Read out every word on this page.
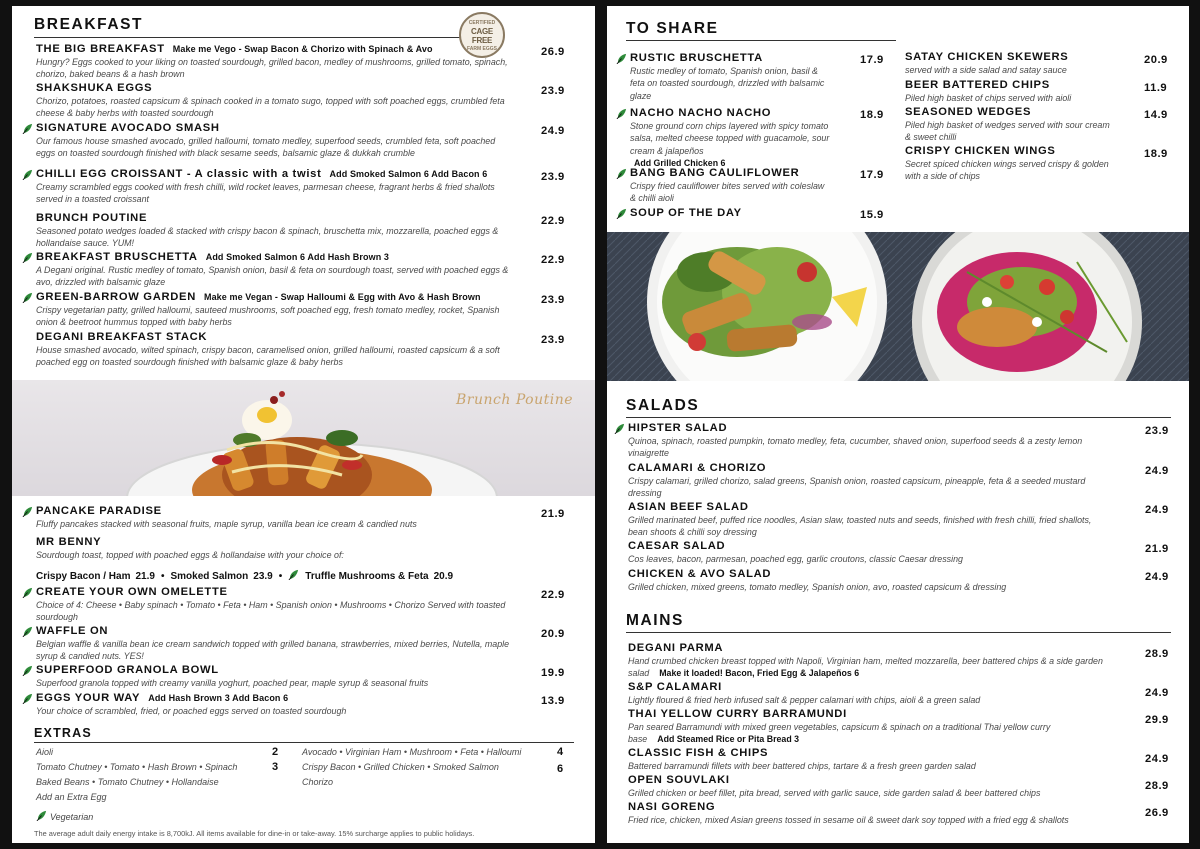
BREAKFAST	CERTIFIED
CAGE FREE
FARM EGGS
Brunch Poutine
Crispy Bacon / Ham 21.9 • Smoked Salmon 23.9 • Truffle Mushrooms & Feta 20.9
EXTRAS
Aioli
Tomato Chutney • Tomato • Hash Brown • Spinach
Baked Beans • Tomato Chutney • Hollandaise
Add an Extra Egg
2
3
Avocado • Virginian Ham • Mushroom • Feta • Halloumi
Crispy Bacon • Grilled Chicken • Smoked Salmon
Chorizo
4
6
Vegetarian
The average adult daily energy intake is 8,700kJ. All items available for dine-in or take-away. 15% surcharge applies to public holidays.
THE BIG BREAKFAST Make me Vego - Swap Bacon & Chorizo with Spinach & Avo
Hungry? Eggs cooked to your liking on toasted sourdough, grilled bacon, medley of mushrooms, grilled tomato, spinach, chorizo, baked beans & a hash brown
26.9
SHAKSHUKA EGGS
Chorizo, potatoes, roasted capsicum & spinach cooked in a tomato sugo, topped with soft poached eggs, crumbled feta cheese & baby herbs with toasted sourdough
23.9
SIGNATURE AVOCADO SMASH
Our famous house smashed avocado, grilled halloumi, tomato medley, superfood seeds, crumbled feta, soft poached eggs on toasted sourdough finished with black sesame seeds, balsamic glaze & dukkah crumble
24.9
CHILLI EGG CROISSANT - A classic with a twist Add Smoked Salmon 6 Add Bacon 6
Creamy scrambled eggs cooked with fresh chilli, wild rocket leaves, parmesan cheese, fragrant herbs & fried shallots served in a toasted croissant
23.9
BRUNCH POUTINE
Seasoned potato wedges loaded & stacked with crispy bacon & spinach, bruschetta mix, mozzarella, poached eggs & hollandaise sauce. YUM!
22.9
BREAKFAST BRUSCHETTA Add Smoked Salmon 6 Add Hash Brown 3
A Degani original. Rustic medley of tomato, Spanish onion, basil & feta on sourdough toast, served with poached eggs & avo, drizzled with balsamic glaze
22.9
GREEN-BARROW GARDEN Make me Vegan - Swap Halloumi & Egg with Avo & Hash Brown
Crispy vegetarian patty, grilled halloumi, sauteed mushrooms, soft poached egg, fresh tomato medley, rocket, Spanish onion & beetroot hummus topped with baby herbs
23.9
DEGANI BREAKFAST STACK
House smashed avocado, wilted spinach, crispy bacon, caramelised onion, grilled halloumi, roasted capsicum & a soft poached egg on toasted sourdough finished with balsamic glaze & baby herbs
23.9
PANCAKE PARADISE
Fluffy pancakes stacked with seasonal fruits, maple syrup, vanilla bean ice cream & candied nuts
21.9
MR BENNY
Sourdough toast, topped with poached eggs & hollandaise with your choice of:
CREATE YOUR OWN OMELETTE
Choice of 4: Cheese • Baby spinach • Tomato • Feta • Ham • Spanish onion • Mushrooms • Chorizo Served with toasted sourdough
22.9
WAFFLE ON
Belgian waffle & vanilla bean ice cream sandwich topped with grilled banana, strawberries, mixed berries, Nutella, maple syrup & candied nuts. YES!
20.9
SUPERFOOD GRANOLA BOWL
Superfood granola topped with creamy vanilla yoghurt, poached pear, maple syrup & seasonal fruits
19.9
EGGS YOUR WAY Add Hash Brown 3 Add Bacon 6
Your choice of scrambled, fried, or poached eggs served on toasted sourdough
13.9
TO SHARE
SALADS
MAINS
RUSTIC BRUSCHETTA
Rustic medley of tomato, Spanish onion, basil & feta on toasted sourdough, drizzled with balsamic glaze
17.9
NACHO NACHO NACHO
Stone ground corn chips layered with spicy tomato salsa, melted cheese topped with guacamole, sour cream & jalapeños
Add Grilled Chicken 6
18.9
BANG BANG CAULIFLOWER
Crispy fried cauliflower bites served with coleslaw & chilli aioli
17.9
SOUP OF THE DAY	15.9
SATAY CHICKEN SKEWERS
served with a side salad and satay sauce
20.9
BEER BATTERED CHIPS
Piled high basket of chips served with aioli
11.9
SEASONED WEDGES
Piled high basket of wedges served with sour cream & sweet chilli
14.9
CRISPY CHICKEN WINGS
Secret spiced chicken wings served crispy & golden with a side of chips
18.9
HIPSTER SALAD
Quinoa, spinach, roasted pumpkin, tomato medley, feta, cucumber, shaved onion, superfood seeds & a zesty lemon vinaigrette
23.9
CALAMARI & CHORIZO
Crispy calamari, grilled chorizo, salad greens, Spanish onion, roasted capsicum, pineapple, feta & a seeded mustard dressing
24.9
ASIAN BEEF SALAD
Grilled marinated beef, puffed rice noodles, Asian slaw, toasted nuts and seeds, finished with fresh chilli, fried shallots, bean shoots & chilli soy dressing
24.9
CAESAR SALAD
Cos leaves, bacon, parmesan, poached egg, garlic croutons, classic Caesar dressing
21.9
CHICKEN & AVO SALAD
Grilled chicken, mixed greens, tomato medley, Spanish onion, avo, roasted capsicum & dressing
24.9
DEGANI PARMA
Hand crumbed chicken breast topped with Napoli, Virginian ham, melted mozzarella, beer battered chips & a side garden salad Make it loaded! Bacon, Fried Egg & Jalapeños 6
28.9
S&P CALAMARI
Lightly floured & fried herb infused salt & pepper calamari with chips, aioli & a green salad
24.9
THAI YELLOW CURRY BARRAMUNDI
Pan seared Barramundi with mixed green vegetables, capsicum & spinach on a traditional Thai yellow curry base Add Steamed Rice or Pita Bread 3
29.9
CLASSIC FISH & CHIPS
Battered barramundi fillets with beer battered chips, tartare & a fresh green garden salad
24.9
OPEN SOUVLAKI
Grilled chicken or beef fillet, pita bread, served with garlic sauce, side garden salad & beer battered chips
28.9
NASI GORENG
Fried rice, chicken, mixed Asian greens tossed in sesame oil & sweet dark soy topped with a fried egg & shallots
26.9
